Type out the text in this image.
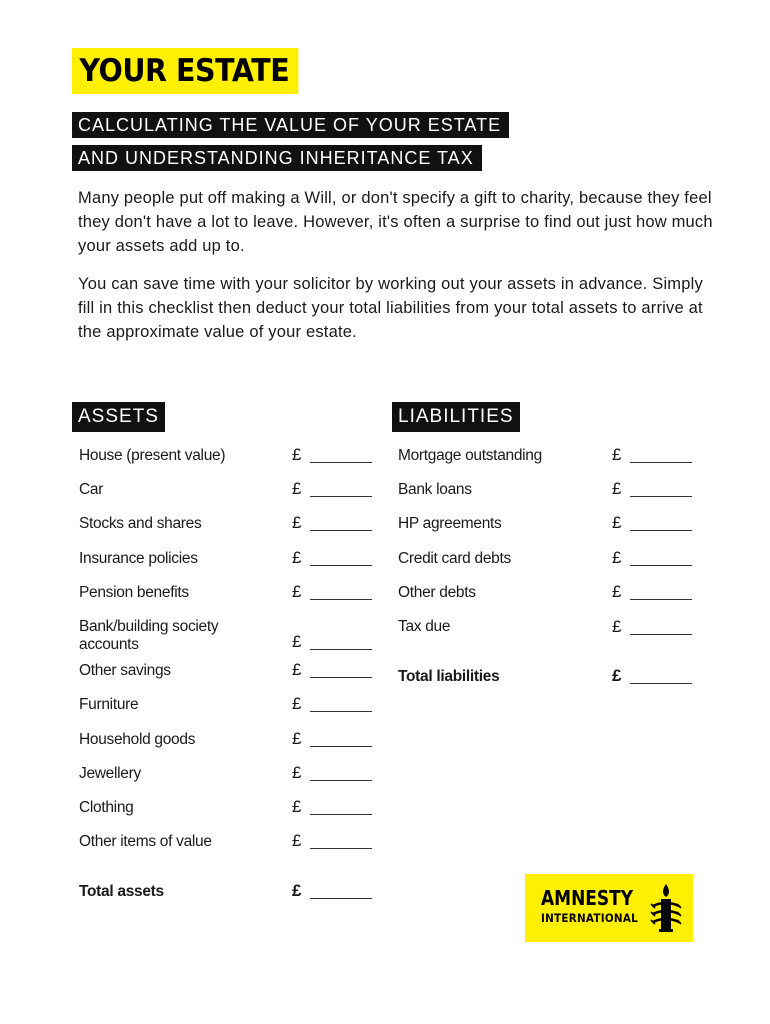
YOUR ESTATE
CALCULATING THE VALUE OF YOUR ESTATE
AND UNDERSTANDING INHERITANCE TAX
Many people put off making a Will, or don't specify a gift to charity, because they feel they don't have a lot to leave. However, it's often a surprise to find out just how much your assets add up to.
You can save time with your solicitor by working out your assets in advance. Simply fill in this checklist then deduct your total liabilities from your total assets to arrive at the approximate value of your estate.
ASSETS	LIABILITIES
House (present value)
Car
Stocks and shares
Insurance policies
Pension benefits
Bank/building society accounts
Other savings
Furniture
Household goods
Jewellery
Clothing
Other items of value
Total assets
£
£
£
£
£
£
£
£
£
£
£
£
£
Mortgage outstanding
Bank loans
HP agreements
Credit card debts
Other debts
Tax due
Total liabilities
£
£
£
£
£
£
£
AMNESTY
INTERNATIONAL
